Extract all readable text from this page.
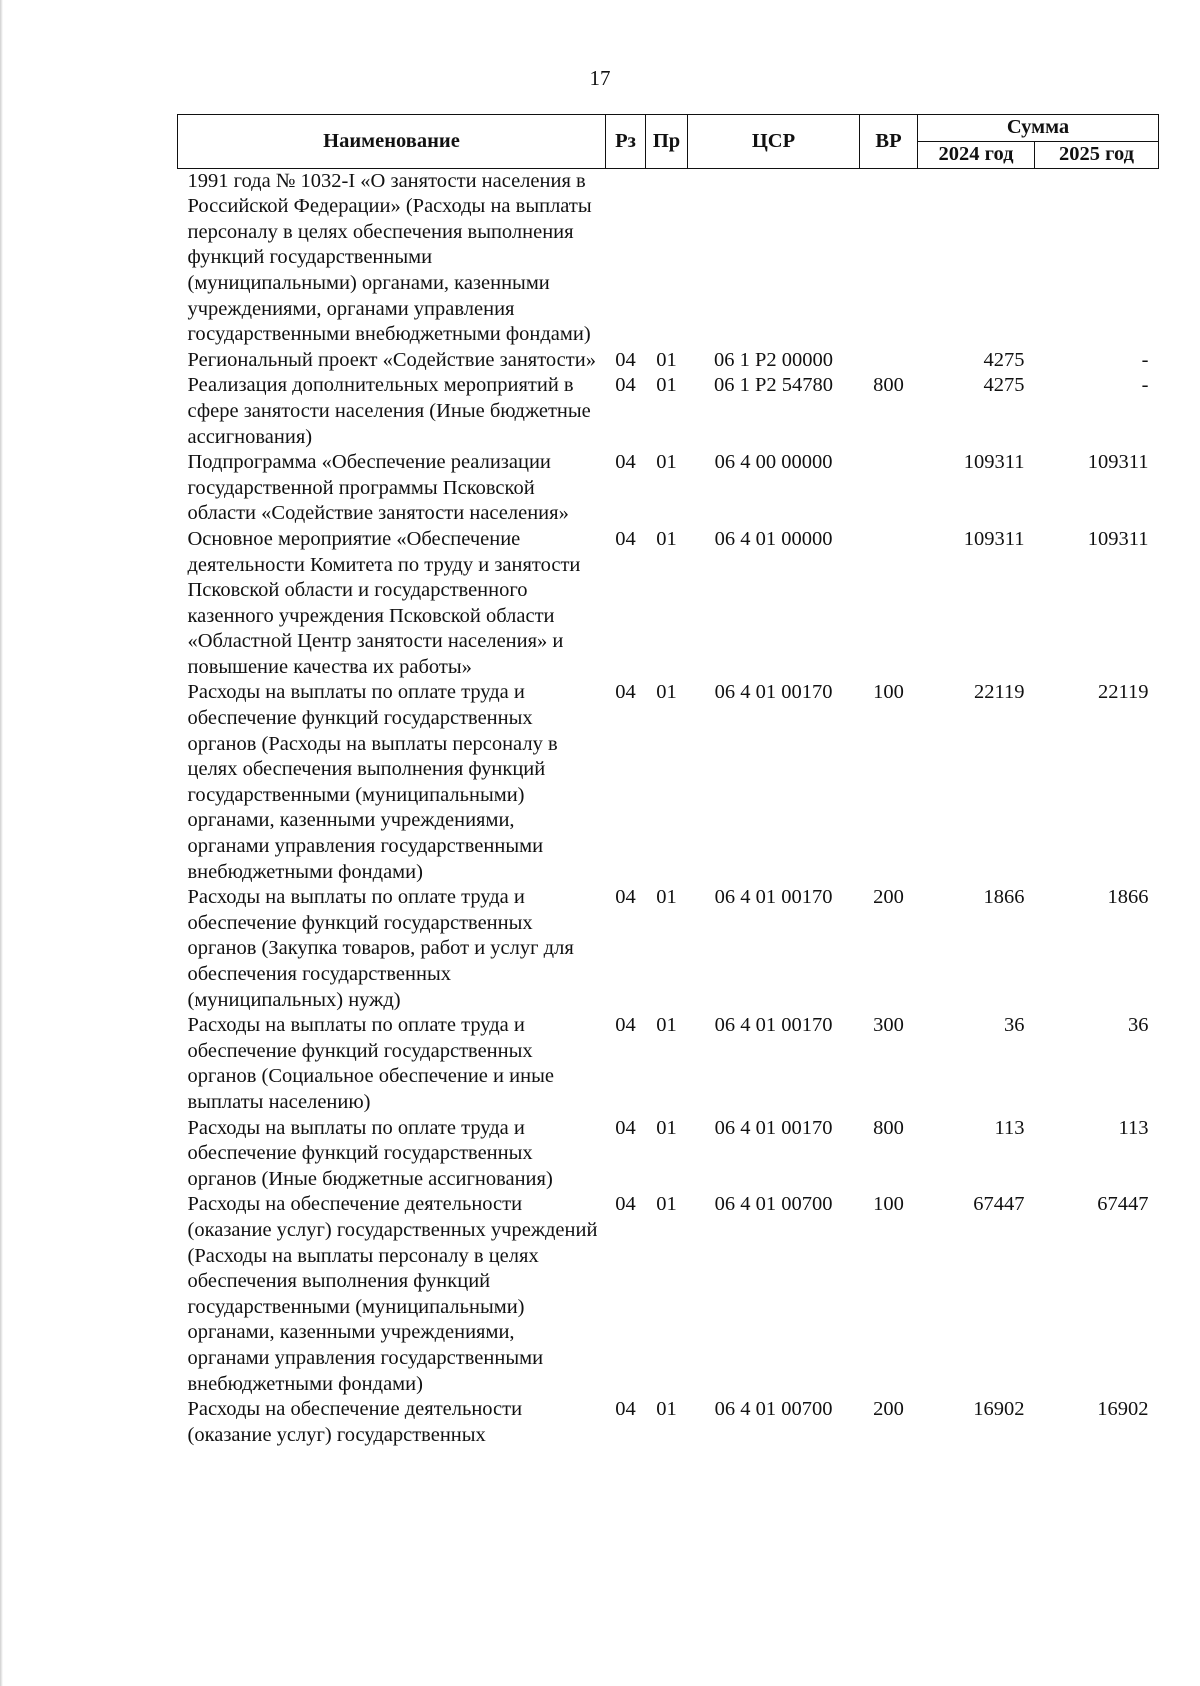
17
Наименование	Рз	Пр	ЦСР	ВР	Сумма	
					2024 год	2025 год
1991 года № 1032-I «О занятости населения в Российской Федерации» (Расходы на выплаты персоналу в целях обеспечения выполнения функций государственными (муниципальными) органами, казенными учреждениями, органами управления государственными внебюджетными фондами)						
Региональный проект «Содействие занятости»	04	01	06 1 Р2 00000		4275	-
Реализация дополнительных мероприятий в сфере занятости населения (Иные бюджетные ассигнования)	04	01	06 1 Р2 54780	800	4275	-
Подпрограмма «Обеспечение реализации государственной программы Псковской области «Содействие занятости населения»	04	01	06 4 00 00000		109311	109311
Основное мероприятие «Обеспечение деятельности Комитета по труду и занятости Псковской области и государственного казенного учреждения Псковской области «Областной Центр занятости населения» и повышение качества их работы»	04	01	06 4 01 00000		109311	109311
Расходы на выплаты по оплате труда и обеспечение функций государственных органов (Расходы на выплаты персоналу в целях обеспечения выполнения функций государственными (муниципальными) органами, казенными учреждениями, органами управления государственными внебюджетными фондами)	04	01	06 4 01 00170	100	22119	22119
Расходы на выплаты по оплате труда и обеспечение функций государственных органов (Закупка товаров, работ и услуг для обеспечения государственных (муниципальных) нужд)	04	01	06 4 01 00170	200	1866	1866
Расходы на выплаты по оплате труда и обеспечение функций государственных органов (Социальное обеспечение и иные выплаты населению)	04	01	06 4 01 00170	300	36	36
Расходы на выплаты по оплате труда и обеспечение функций государственных органов (Иные бюджетные ассигнования)	04	01	06 4 01 00170	800	113	113
Расходы на обеспечение деятельности (оказание услуг) государственных учреждений (Расходы на выплаты персоналу в целях обеспечения выполнения функций государственными (муниципальными) органами, казенными учреждениями, органами управления государственными внебюджетными фондами)	04	01	06 4 01 00700	100	67447	67447
Расходы на обеспечение деятельности (оказание услуг) государственных	04	01	06 4 01 00700	200	16902	16902
